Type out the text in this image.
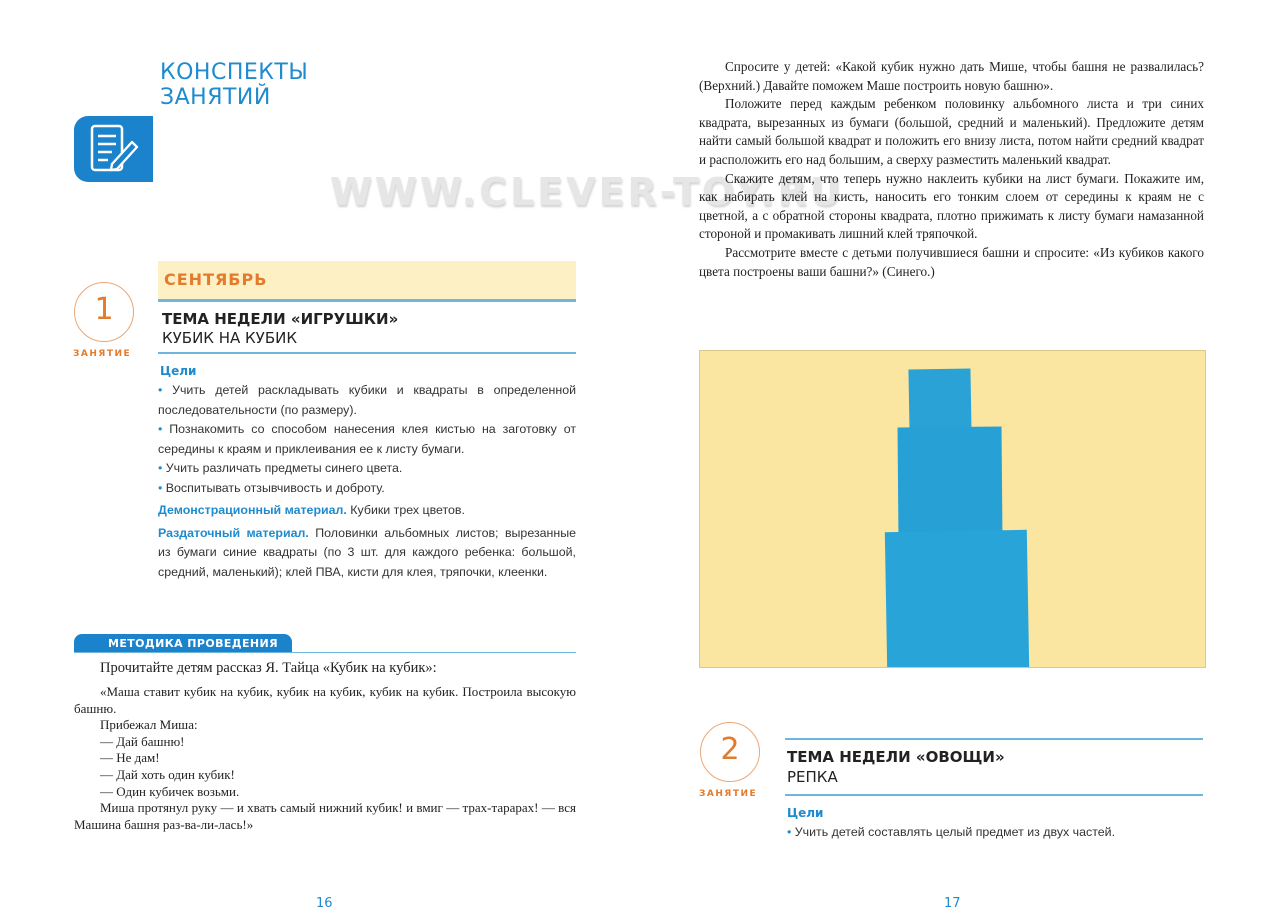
КОНСПЕКТЫ
ЗАНЯТИЙ
WWW.CLEVER-TOY.RU
СЕНТЯБРЬ
1
ЗАНЯТИЕ
ТЕМА НЕДЕЛИ «ИГРУШКИ»
КУБИК НА КУБИК
Цели
• Учить детей раскладывать кубики и квадраты в определенной последовательности (по размеру).
• Познакомить со способом нанесения клея кистью на заготовку от середины к краям и приклеивания ее к листу бумаги.
• Учить различать предметы синего цвета.
• Воспитывать отзывчивость и доброту.
Демонстрационный материал. Кубики трех цветов.
Раздаточный материал. Половинки альбомных листов; вырезанные из бумаги синие квадраты (по 3 шт. для каждого ребенка: большой, средний, маленький); клей ПВА, кисти для клея, тряпочки, клеенки.
МЕТОДИКА ПРОВЕДЕНИЯ
Прочитайте детям рассказ Я. Тайца «Кубик на кубик»:

«Маша ставит кубик на кубик, кубик на кубик, кубик на кубик. Построила высокую башню.

Прибежал Миша:

— Дай башню!

— Не дам!

— Дай хоть один кубик!

— Один кубичек возьми.

Миша протянул руку — и хвать самый нижний кубик! и вмиг — трах-тарарах! — вся Машина башня раз-ва-ли-лась!»

16

Спросите у детей: «Какой кубик нужно дать Мише, чтобы башня не развалилась? (Верхний.) Давайте поможем Маше построить новую башню».

Положите перед каждым ребенком половинку альбомного листа и три синих квадрата, вырезанных из бумаги (большой, средний и маленький). Предложите детям найти самый большой квадрат и положить его внизу листа, потом найти средний квадрат и расположить его над большим, а сверху разместить маленький квадрат.

Скажите детям, что теперь нужно наклеить кубики на лист бумаги. Покажите им, как набирать клей на кисть, наносить его тонким слоем от середины к краям не с цветной, а с обратной стороны квадрата, плотно прижимать к листу бумаги намазанной стороной и промакивать лишний клей тряпочкой.

Рассмотрите вместе с детьми получившиеся башни и спросите: «Из кубиков какого цвета построены ваши башни?» (Синего.)

2
ЗАНЯТИЕ
ТЕМА НЕДЕЛИ «ОВОЩИ»
РЕПКА
Цели
• Учить детей составлять целый предмет из двух частей.
17
